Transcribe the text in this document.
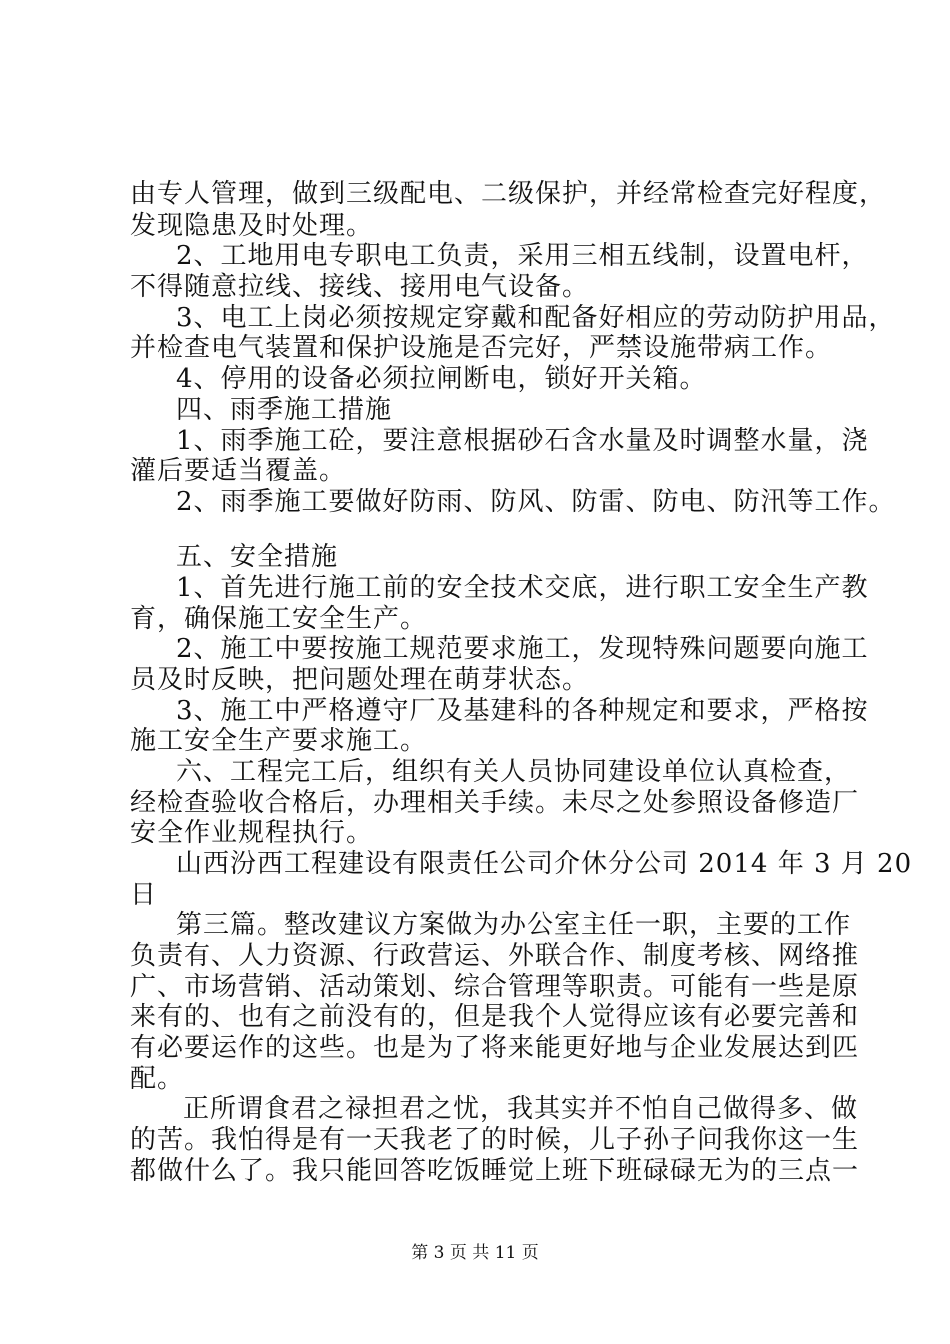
由专人管理，做到三级配电、二级保护，并经常检查完好程度，
发现隐患及时处理。
2、工地用电专职电工负责，采用三相五线制，设置电杆，
不得随意拉线、接线、接用电气设备。
3、电工上岗必须按规定穿戴和配备好相应的劳动防护用品，
并检查电气装置和保护设施是否完好，严禁设施带病工作。
4、停用的设备必须拉闸断电，锁好开关箱。
四、雨季施工措施
1、雨季施工砼，要注意根据砂石含水量及时调整水量，浇
灌后要适当覆盖。
2、雨季施工要做好防雨、防风、防雷、防电、防汛等工作。
五、安全措施
1、首先进行施工前的安全技术交底，进行职工安全生产教
育，确保施工安全生产。
2、施工中要按施工规范要求施工，发现特殊问题要向施工
员及时反映，把问题处理在萌芽状态。
3、施工中严格遵守厂及基建科的各种规定和要求，严格按
施工安全生产要求施工。
六、工程完工后，组织有关人员协同建设单位认真检查，
经检查验收合格后，办理相关手续。未尽之处参照设备修造厂
安全作业规程执行。
山西汾西工程建设有限责任公司介休分公司 2014 年 3 月 20
日
第三篇。整改建议方案做为办公室主任一职，主要的工作
负责有、人力资源、行政营运、外联合作、制度考核、网络推
广、市场营销、活动策划、综合管理等职责。可能有一些是原
来有的、也有之前没有的，但是我个人觉得应该有必要完善和
有必要运作的这些。也是为了将来能更好地与企业发展达到匹
配。
正所谓食君之禄担君之忧，我其实并不怕自己做得多、做
的苦。我怕得是有一天我老了的时候，儿子孙子问我你这一生
都做什么了。我只能回答吃饭睡觉上班下班碌碌无为的三点一
第 3 页 共 11 页
